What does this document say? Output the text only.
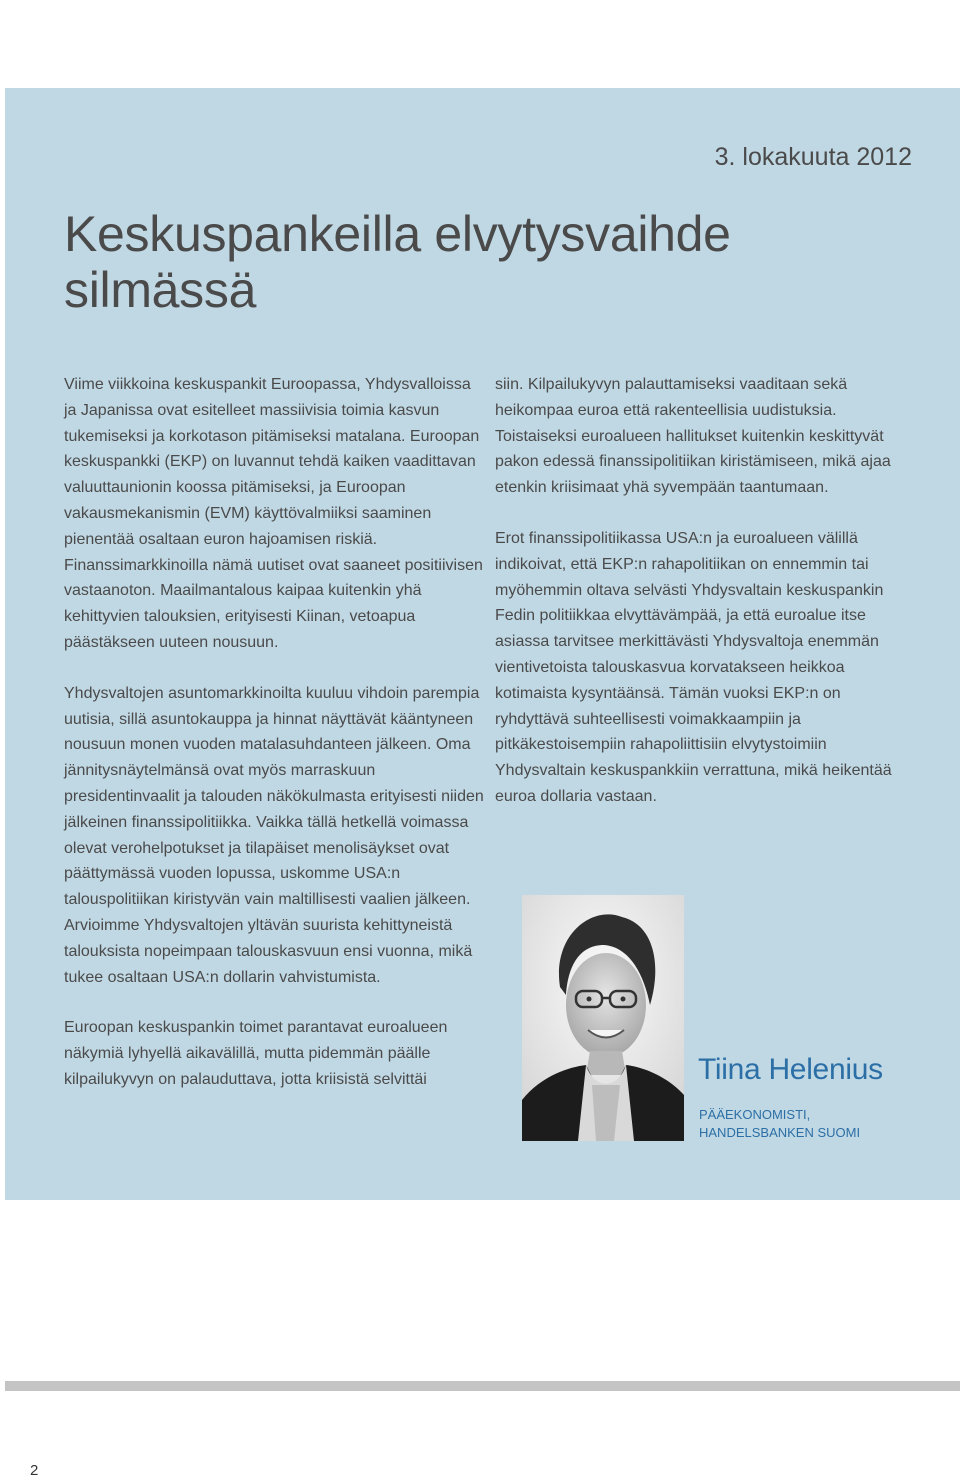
3. lokakuuta 2012

Keskuspankeilla elvytysvaihde
silmässä

Viime viikkoina keskuspankit Euroopassa, Yhdysvalloissa ja Japanissa ovat esitelleet massiivisia toimia kasvun tukemiseksi ja korkotason pitämiseksi matalana. Euroopan keskuspankki (EKP) on luvannut tehdä kaiken vaadittavan valuuttaunionin koossa pitämiseksi, ja Euroopan vakausmekanismin (EVM) käyttövalmiiksi saaminen pienentää osaltaan euron hajoamisen riskiä. Finanssimarkkinoilla nämä uutiset ovat saaneet positiivisen vastaanoton. Maailmantalous kaipaa kuitenkin yhä kehittyvien talouksien, erityisesti Kiinan, vetoapua päästäkseen uuteen nousuun.

Yhdysvaltojen asuntomarkkinoilta kuuluu vihdoin parempia uutisia, sillä asuntokauppa ja hinnat näyttävät kääntyneen nousuun monen vuoden matalasuhdanteen jälkeen. Oma jännitysnäytelmänsä ovat myös marraskuun presidentinvaalit ja talouden näkökulmasta erityisesti niiden jälkeinen finanssipolitiikka. Vaikka tällä hetkellä voimassa olevat verohelpotukset ja tilapäiset menolisäykset ovat päättymässä vuoden lopussa, uskomme USA:n talouspolitiikan kiristyvän vain maltillisesti vaalien jälkeen. Arvioimme Yhdysvaltojen yltävän suurista kehittyneistä talouksista nopeimpaan talouskasvuun ensi vuonna, mikä tukee osaltaan USA:n dollarin vahvistumista.

Euroopan keskuspankin toimet parantavat euroalueen näkymiä lyhyellä aikavälillä, mutta pidemmän päälle kilpailukyvyn on palauduttava, jotta kriisistä selvittäi

siin. Kilpailukyvyn palauttamiseksi vaaditaan sekä heikompaa euroa että rakenteellisia uudistuksia. Toistaiseksi euroalueen hallitukset kuitenkin keskittyvät pakon edessä finanssipolitiikan kiristämiseen, mikä ajaa etenkin kriisimaat yhä syvempään taantumaan.

Erot finanssipolitiikassa USA:n ja euroalueen välillä indikoivat, että EKP:n rahapolitiikan on ennemmin tai myöhemmin oltava selvästi Yhdysvaltain keskuspankin Fedin politiikkaa elvyttävämpää, ja että euroalue itse asiassa tarvitsee merkittävästi Yhdysvaltoja enemmän vientivetoista talouskasvua korvatakseen heikkoa kotimaista kysyntäänsä. Tämän vuoksi EKP:n on ryhdyttävä suhteellisesti voimakkaampiin ja pitkäkestoisempiin rahapoliittisiin elvytystoimiin Yhdysvaltain keskuspankkiin verrattuna, mikä heikentää euroa dollaria vastaan.

Tiina Helenius

PÄÄEKONOMISTI,
HANDELSBANKEN SUOMI

2
